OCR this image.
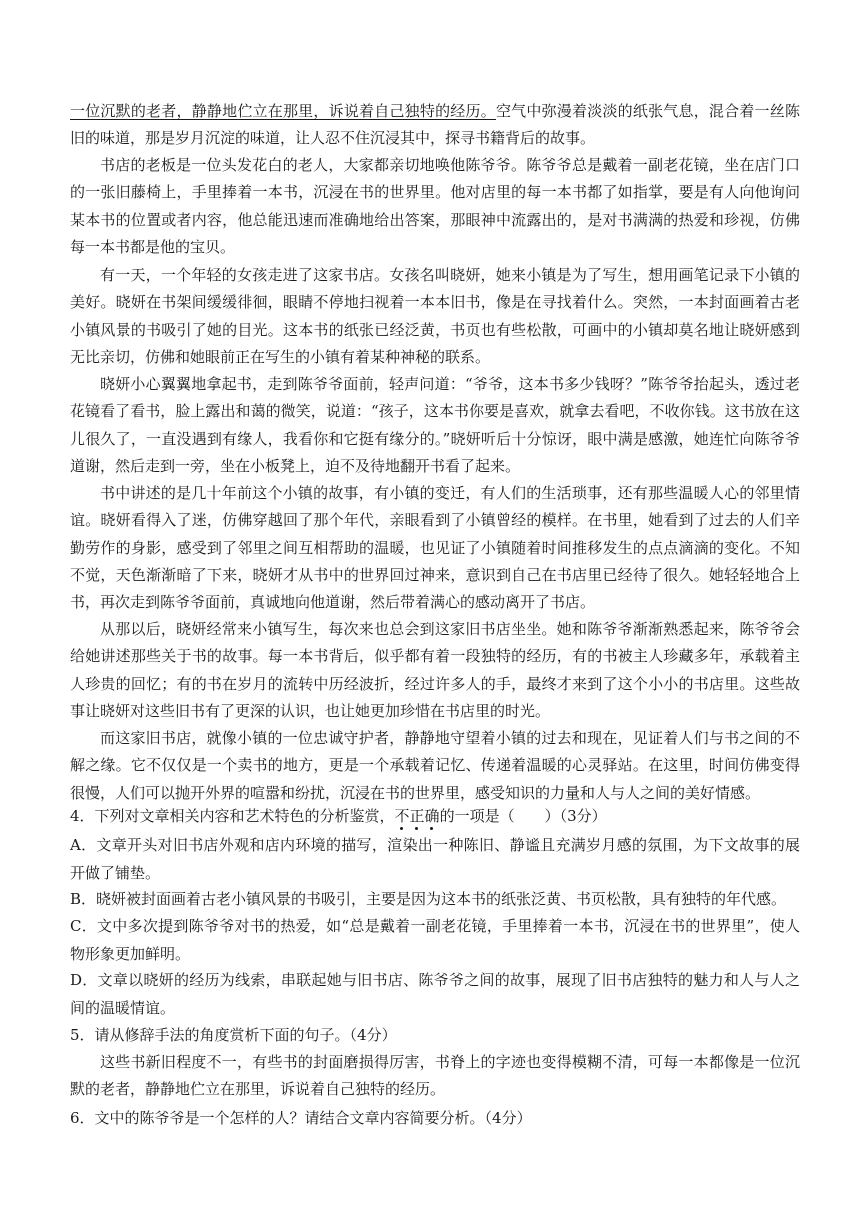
一位沉默的老者，静静地伫立在那里，诉说着自己独特的经历。空气中弥漫着淡淡的纸张气息，混合着一丝陈旧的味道，那是岁月沉淀的味道，让人忍不住沉浸其中，探寻书籍背后的故事。

书店的老板是一位头发花白的老人，大家都亲切地唤他陈爷爷。陈爷爷总是戴着一副老花镜，坐在店门口的一张旧藤椅上，手里捧着一本书，沉浸在书的世界里。他对店里的每一本书都了如指掌，要是有人向他询问某本书的位置或者内容，他总能迅速而准确地给出答案，那眼神中流露出的，是对书满满的热爱和珍视，仿佛每一本书都是他的宝贝。

有一天，一个年轻的女孩走进了这家书店。女孩名叫晓妍，她来小镇是为了写生，想用画笔记录下小镇的美好。晓妍在书架间缓缓徘徊，眼睛不停地扫视着一本本旧书，像是在寻找着什么。突然，一本封面画着古老小镇风景的书吸引了她的目光。这本书的纸张已经泛黄，书页也有些松散，可画中的小镇却莫名地让晓妍感到无比亲切，仿佛和她眼前正在写生的小镇有着某种神秘的联系。

晓妍小心翼翼地拿起书，走到陈爷爷面前，轻声问道：“爷爷，这本书多少钱呀？”陈爷爷抬起头，透过老花镜看了看书，脸上露出和蔼的微笑，说道：“孩子，这本书你要是喜欢，就拿去看吧，不收你钱。这书放在这儿很久了，一直没遇到有缘人，我看你和它挺有缘分的。”晓妍听后十分惊讶，眼中满是感激，她连忙向陈爷爷道谢，然后走到一旁，坐在小板凳上，迫不及待地翻开书看了起来。

书中讲述的是几十年前这个小镇的故事，有小镇的变迁，有人们的生活琐事，还有那些温暖人心的邻里情谊。晓妍看得入了迷，仿佛穿越回了那个年代，亲眼看到了小镇曾经的模样。在书里，她看到了过去的人们辛勤劳作的身影，感受到了邻里之间互相帮助的温暖，也见证了小镇随着时间推移发生的点点滴滴的变化。不知不觉，天色渐渐暗了下来，晓妍才从书中的世界回过神来，意识到自己在书店里已经待了很久。她轻轻地合上书，再次走到陈爷爷面前，真诚地向他道谢，然后带着满心的感动离开了书店。

从那以后，晓妍经常来小镇写生，每次来也总会到这家旧书店坐坐。她和陈爷爷渐渐熟悉起来，陈爷爷会给她讲述那些关于书的故事。每一本书背后，似乎都有着一段独特的经历，有的书被主人珍藏多年，承载着主人珍贵的回忆；有的书在岁月的流转中历经波折，经过许多人的手，最终才来到了这个小小的书店里。这些故事让晓妍对这些旧书有了更深的认识，也让她更加珍惜在书店里的时光。

而这家旧书店，就像小镇的一位忠诚守护者，静静地守望着小镇的过去和现在，见证着人们与书之间的不解之缘。它不仅仅是一个卖书的地方，更是一个承载着记忆、传递着温暖的心灵驿站。在这里，时间仿佛变得很慢，人们可以抛开外界的喧嚣和纷扰，沉浸在书的世界里，感受知识的力量和人与人之间的美好情感。

4．下列对文章相关内容和艺术特色的分析鉴赏，不正确
的一项是（　　）（3分）

A．文章开头对旧书店外观和店内环境的描写，渲染出一种陈旧、静谧且充满岁月感的氛围，为下文故事的展开做了铺垫。

B．晓妍被封面画着古老小镇风景的书吸引，主要是因为这本书的纸张泛黄、书页松散，具有独特的年代感。

C．文中多次提到陈爷爷对书的热爱，如“总是戴着一副老花镜，手里捧着一本书，沉浸在书的世界里”，使人物形象更加鲜明。

D．文章以晓妍的经历为线索，串联起她与旧书店、陈爷爷之间的故事，展现了旧书店独特的魅力和人与人之间的温暖情谊。

5．请从修辞手法的角度赏析下面的句子。（4分）

这些书新旧程度不一，有些书的封面磨损得厉害，书脊上的字迹也变得模糊不清，可每一本都像是一位沉默的老者，静静地伫立在那里，诉说着自己独特的经历。

6．文中的陈爷爷是一个怎样的人？请结合文章内容简要分析。（4分）
